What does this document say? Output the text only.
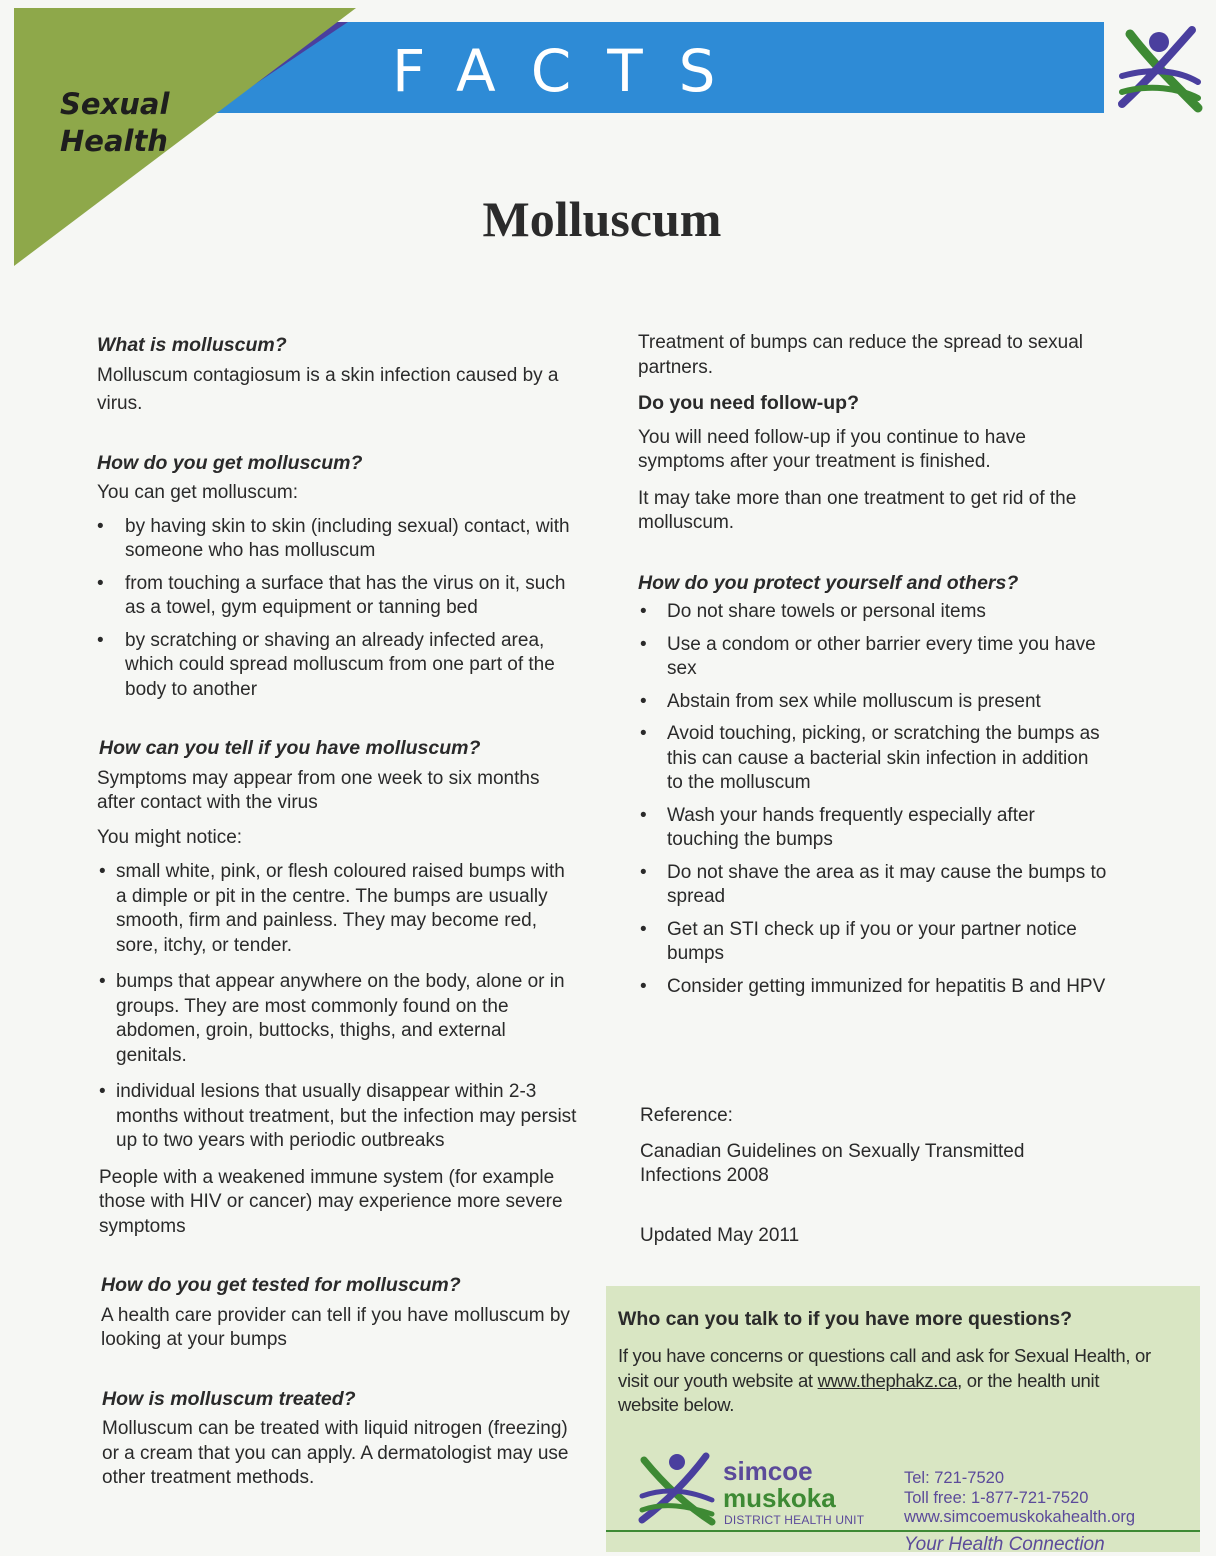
Sexual
Health
FACTS
Molluscum

What is molluscum?

Molluscum contagiosum is a skin infection caused by a virus.

How do you get molluscum?

You can get molluscum:

• by having skin to skin (including sexual) contact, with someone who has molluscum
• from touching a surface that has the virus on it, such as a towel, gym equipment or tanning bed
• by scratching or shaving an already infected area, which could spread molluscum from one part of the body to another

How can you tell if you have molluscum?

Symptoms may appear from one week to six months after contact with the virus

You might notice:

• small white, pink, or flesh coloured raised bumps with a dimple or pit in the centre. The bumps are usually smooth, firm and painless. They may become red, sore, itchy, or tender.
• bumps that appear anywhere on the body, alone or in groups. They are most commonly found on the abdomen, groin, buttocks, thighs, and external genitals.
• individual lesions that usually disappear within 2-3 months without treatment, but the infection may persist up to two years with periodic outbreaks

People with a weakened immune system (for example those with HIV or cancer) may experience more severe symptoms

How do you get tested for molluscum?

A health care provider can tell if you have molluscum by looking at your bumps

How is molluscum treated?

Molluscum can be treated with liquid nitrogen (freezing) or a cream that you can apply. A dermatologist may use other treatment methods.

Treatment of bumps can reduce the spread to sexual partners.

Do you need follow-up?

You will need follow-up if you continue to have symptoms after your treatment is finished.

It may take more than one treatment to get rid of the molluscum.

How do you protect yourself and others?

• Do not share towels or personal items
• Use a condom or other barrier every time you have sex
• Abstain from sex while molluscum is present
• Avoid touching, picking, or scratching the bumps as this can cause a bacterial skin infection in addition to the molluscum
• Wash your hands frequently especially after touching the bumps
• Do not shave the area as it may cause the bumps to spread
• Get an STI check up if you or your partner notice bumps
• Consider getting immunized for hepatitis B and HPV

Reference:

Canadian Guidelines on Sexually Transmitted Infections 2008

Updated May 2011

Who can you talk to if you have more questions?
If you have concerns or questions call and ask for Sexual Health, or visit our youth website at www.thephakz.ca, or the health unit website below.
simcoe
muskoka
DISTRICT HEALTH UNIT
Tel: 721-7520
Toll free: 1-877-721-7520
www.simcoemuskokahealth.org
Your Health Connection
